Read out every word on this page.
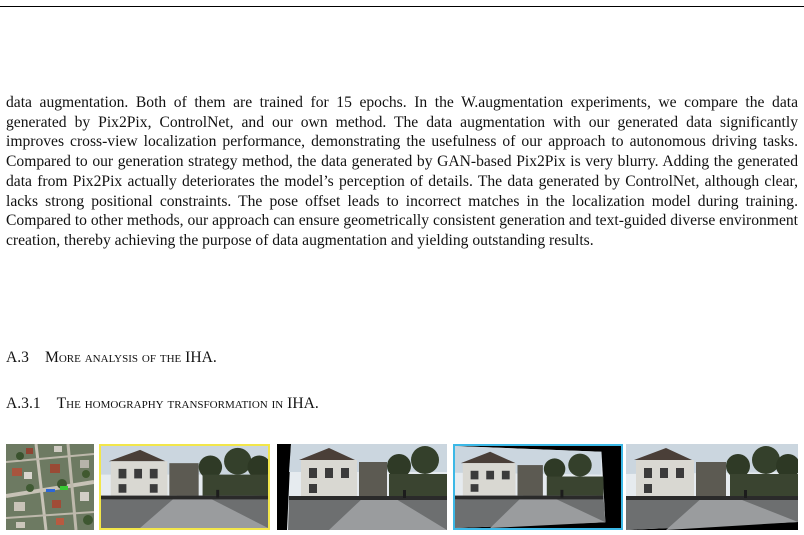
data augmentation. Both of them are trained for 15 epochs. In the W.augmentation experiments, we compare the data generated by Pix2Pix, ControlNet, and our own method. The data augmentation with our generated data significantly improves cross-view localization performance, demonstrating the usefulness of our approach to autonomous driving tasks. Compared to our generation strategy method, the data generated by GAN-based Pix2Pix is very blurry. Adding the generated data from Pix2Pix actually deteriorates the model’s perception of details. The data generated by ControlNet, although clear, lacks strong positional constraints. The pose offset leads to incorrect matches in the localization model during training. Compared to other methods, our approach can ensure geometrically consistent generation and text-guided diverse environment creation, thereby achieving the purpose of data augmentation and yielding outstanding results.

A.3 More analysis of the IHA.
A.3.1 The homography transformation in IHA.
